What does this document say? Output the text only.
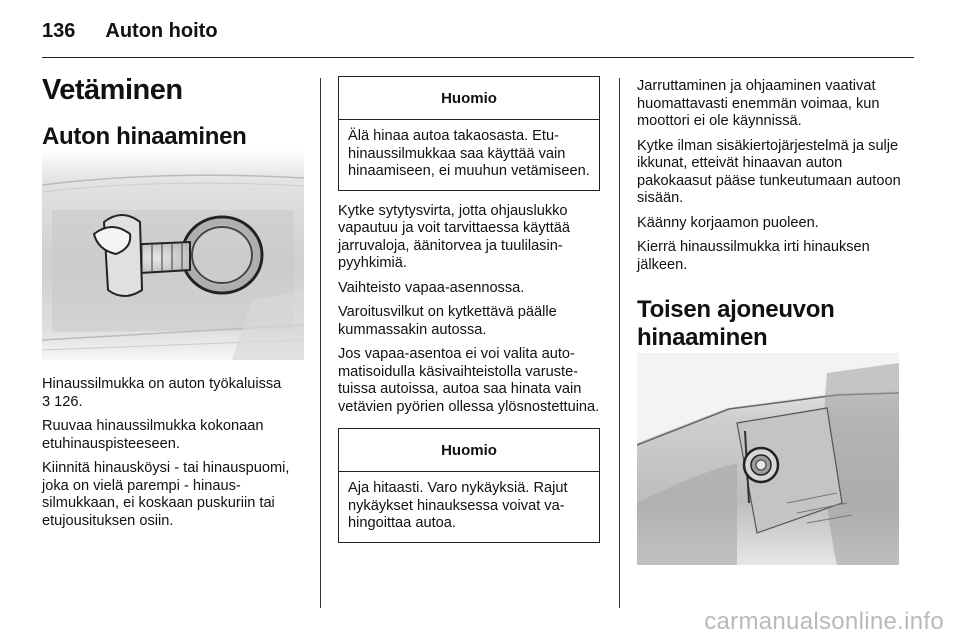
136 Auton hoito
Vetäminen
Auton hinaaminen

Hinaussilmukka on auton työkaluissa

3 126.

Ruuvaa hinaussilmukka kokonaan etuhinauspisteeseen.

Kiinnitä hinausköysi - tai hinauspuomi, joka on vielä parempi - hinaussilmukkaan, ei koskaan puskuriin tai etujousituksen osiin.

Huomio
Älä hinaa autoa takaosasta. Etuhinaussilmukkaa saa käyttää vain hinaamiseen, ei muuhun vetämiseen.

Kytke sytytysvirta, jotta ohjauslukko vapautuu ja voit tarvittaessa käyttää jarruvaloja, äänitorvea ja tuulilasinpyyhkimiä.

Vaihteisto vapaa-asennossa.

Varoitusvilkut on kytkettävä päälle kummassakin autossa.

Jos vapaa-asentoa ei voi valita automatisoidulla käsivaihteistolla varustetuissa autoissa, autoa saa hinata vain vetävien pyörien ollessa ylösnostettuina.

Huomio
Aja hitaasti. Varo nykäyksiä. Rajut nykäykset hinauksessa voivat vahingoittaa autoa.

Jarruttaminen ja ohjaaminen vaativat huomattavasti enemmän voimaa, kun moottori ei ole käynnissä.

Kytke ilman sisäkiertojärjestelmä ja sulje ikkunat, etteivät hinaavan auton pakokaasut pääse tunkeutumaan autoon sisään.

Käänny korjaamon puoleen.

Kierrä hinaussilmukka irti hinauksen jälkeen.

Toisen ajoneuvon hinaaminen
carmanualsonline.info
